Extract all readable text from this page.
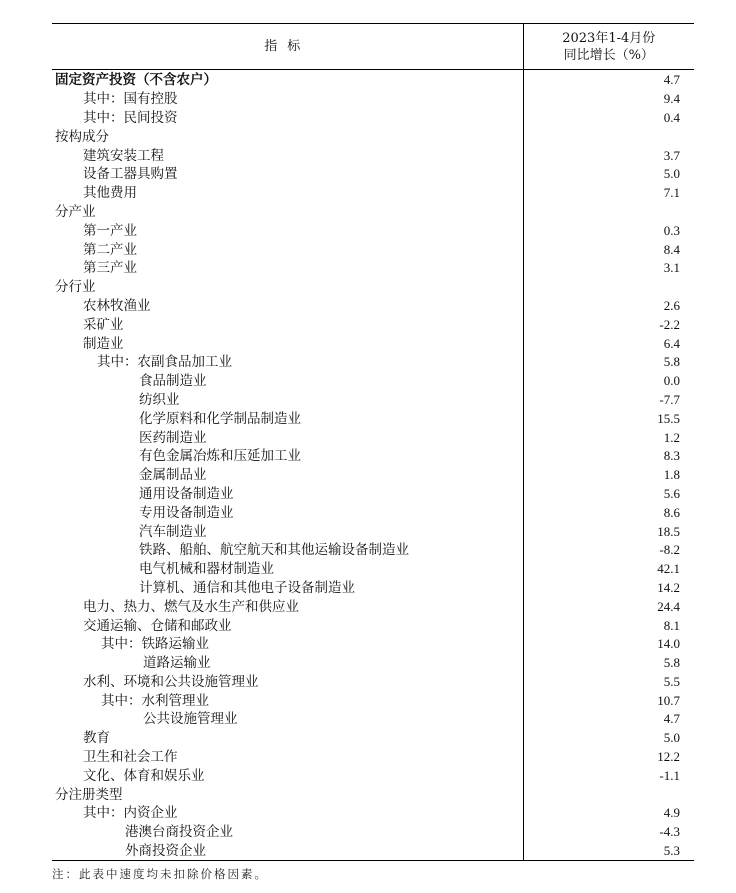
指标	2023年1-4月份
同比增长（%）

固定资产投资（不含农户）	4.7
其中：国有控股	9.4
其中：民间投资	0.4
按构成分	
建筑安装工程	3.7
设备工器具购置	5.0
其他费用	7.1
分产业	
第一产业	0.3
第二产业	8.4
第三产业	3.1
分行业	
农林牧渔业	2.6
采矿业	-2.2
制造业	6.4
其中：农副食品加工业	5.8
食品制造业	0.0
纺织业	-7.7
化学原料和化学制品制造业	15.5
医药制造业	1.2
有色金属冶炼和压延加工业	8.3
金属制品业	1.8
通用设备制造业	5.6
专用设备制造业	8.6
汽车制造业	18.5
铁路、船舶、航空航天和其他运输设备制造业	-8.2
电气机械和器材制造业	42.1
计算机、通信和其他电子设备制造业	14.2
电力、热力、燃气及水生产和供应业	24.4
交通运输、仓储和邮政业	8.1
其中：铁路运输业	14.0
道路运输业	5.8
水利、环境和公共设施管理业	5.5
其中：水利管理业	10.7
公共设施管理业	4.7
教育	5.0
卫生和社会工作	12.2
文化、体育和娱乐业	-1.1
分注册类型	
其中：内资企业	4.9
港澳台商投资企业	-4.3
外商投资企业	5.3
注：此表中速度均未扣除价格因素。
